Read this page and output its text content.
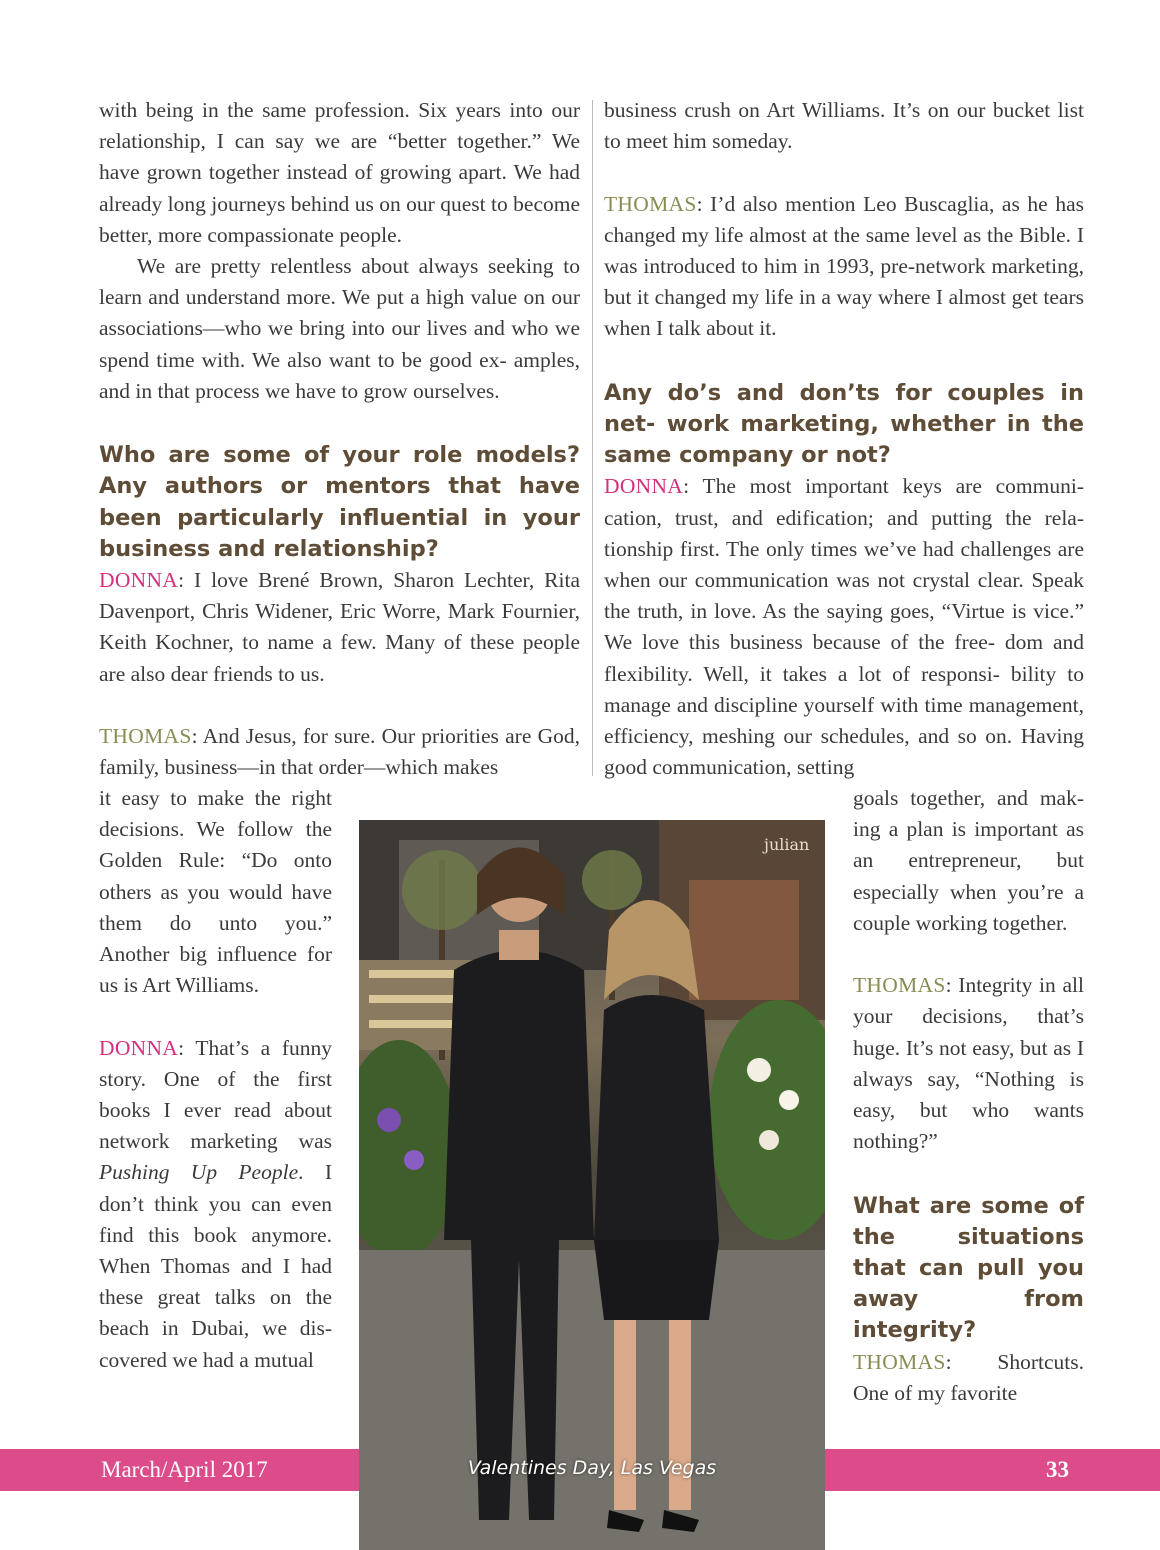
with being in the same profession. Six years into our relationship, I can say we are “better together.” We have grown together instead of growing apart. We had already long journeys behind us on our quest to become better, more compassionate people.

We are pretty relentless about always seeking to learn and understand more. We put a high value on our associations—who we bring into our lives and who we spend time with. We also want to be good ex- amples, and in that process we have to grow ourselves.

Who are some of your role models? Any authors or mentors that have been particularly influential in your business and relationship?

DONNA: I love Brené Brown, Sharon Lechter, Rita Davenport, Chris Widener, Eric Worre, Mark Fournier, Keith Kochner, to name a few. Many of these people are also dear friends to us.

THOMAS: And Jesus, for sure. Our priorities are God, family, business—in that order—which makes

business crush on Art Williams. It’s on our bucket list to meet him someday.

THOMAS: I’d also mention Leo Buscaglia, as he has changed my life almost at the same level as the Bible. I was introduced to him in 1993, pre-network marketing, but it changed my life in a way where I almost get tears when I talk about it.

Any do’s and don’ts for couples in net- work marketing, whether in the same company or not?

DONNA: The most important keys are communi- cation, trust, and edification; and putting the rela- tionship first. The only times we’ve had challenges are when our communication was not crystal clear. Speak the truth, in love. As the saying goes, “Virtue is vice.” We love this business because of the free- dom and flexibility. Well, it takes a lot of responsi- bility to manage and discipline yourself with time management, efficiency, meshing our schedules, and so on. Having good communication, setting

it easy to make the right decisions. We follow the Golden Rule: “Do onto others as you would have them do unto you.” Another big influence for us is Art Williams.

DONNA: That’s a funny story. One of the first books I ever read about network marketing was Pushing Up People. I don’t think you can even find this book anymore. When Thomas and I had these great talks on the beach in Dubai, we dis- covered we had a mutual

goals together, and mak- ing a plan is important as an entrepreneur, but especially when you’re a couple working together.

THOMAS: Integrity in all your decisions, that’s huge. It’s not easy, but as I always say, “Nothing is easy, but who wants nothing?”

What are some of the situations that can pull you away from integrity?

THOMAS: Shortcuts. One of my favorite

March/April 2017	33
julian
Valentines Day, Las Vegas
